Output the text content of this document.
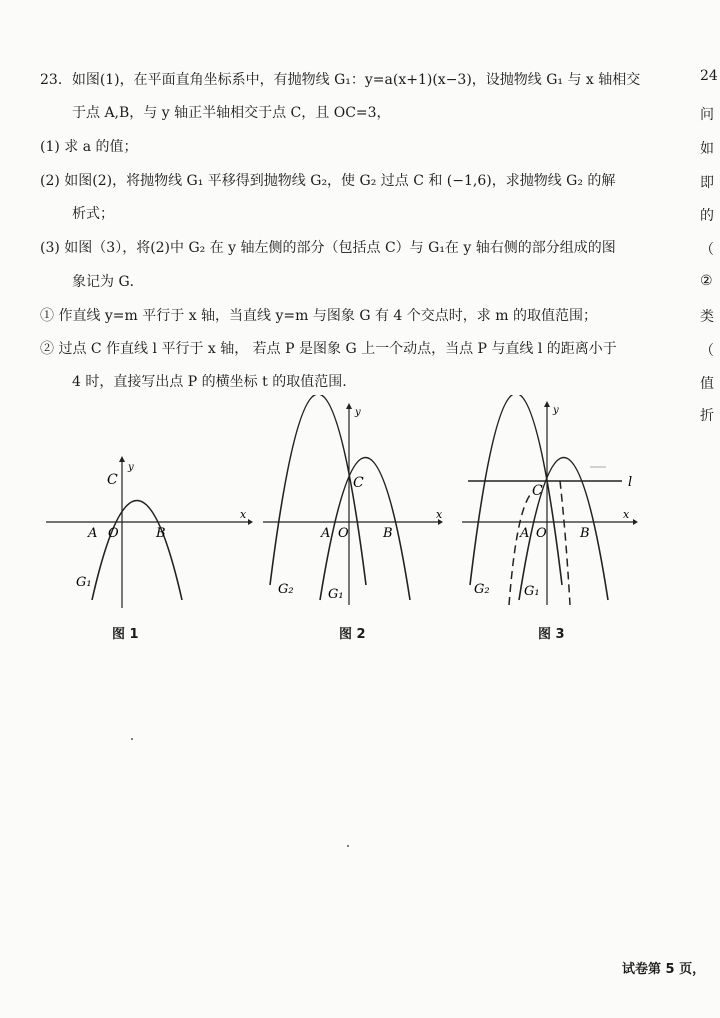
23．如图(1)，在平面直角坐标系中，有抛物线 G₁：y=a(x+1)(x−3)，设抛物线 G₁ 与 x 轴相交
于点 A,B，与 y 轴正半轴相交于点 C，且 OC=3，
(1) 求 a 的值；
(2) 如图(2)，将抛物线 G₁ 平移得到抛物线 G₂，使 G₂ 过点 C 和 (−1,6)，求抛物线 G₂ 的解
析式；
(3) 如图（3），将(2)中 G₂ 在 y 轴左侧的部分（包括点 C）与 G₁在 y 轴右侧的部分组成的图
象记为 G．
① 作直线 y=m 平行于 x 轴，当直线 y=m 与图象 G 有 4 个交点时，求 m 的取值范围；
② 过点 C 作直线 l 平行于 x 轴， 若点 P 是图象 G 上一个动点，当点 P 与直线 l 的距离小于
4 时，直接写出点 P 的横坐标 t 的取值范围.
x
y
C
A O	B
G₁
图 1
x
y
C
A O	B
G₂	G₁
图 2
x
y
C
A O	B
l
G₂	G₁
图 3
24
问
如
即
的
（
②
类
（
值
折
试卷第 5 页，
